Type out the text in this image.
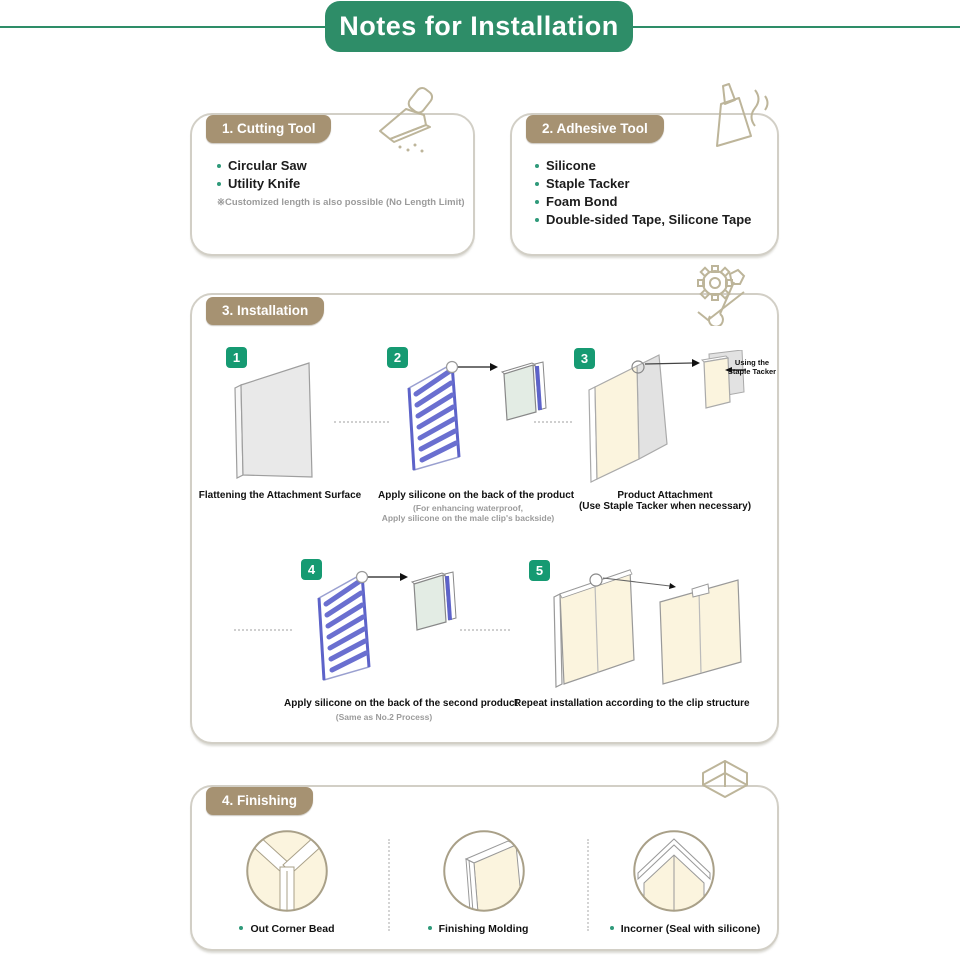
Notes for Installation
1. Cutting Tool
Circular Saw
Utility Knife
※Customized length is also possible (No Length Limit)
2. Adhesive Tool
Silicone
Staple Tacker
Foam Bond
Double-sided Tape, Silicone Tape
3. Installation
1	2	3	Using the
Staple Tacker
Flattening the Attachment Surface	Apply silicone on the back of the product
(For enhancing waterproof,
Apply silicone on the male clip's backside)
Product Attachment
(Use Staple Tacker when necessary)
4	5
Apply silicone on the back of the second product
(Same as No.2 Process)
Repeat installation according to the clip structure
4. Finishing
Out Corner Bead	Finishing Molding	Incorner (Seal with silicone)
